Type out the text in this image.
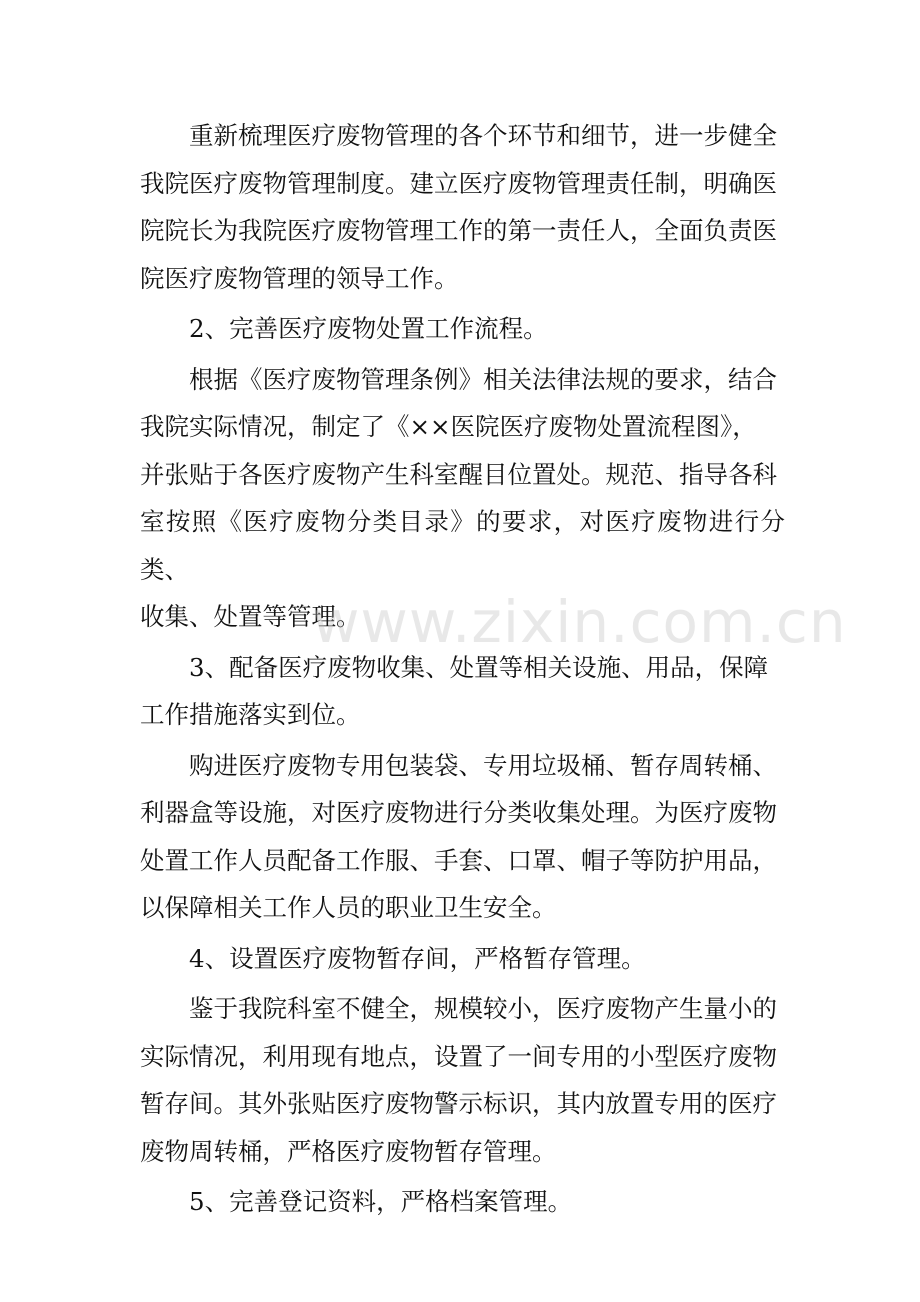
重新梳理医疗废物管理的各个环节和细节，进一步健全
我院医疗废物管理制度。建立医疗废物管理责任制，明确医
院院长为我院医疗废物管理工作的第一责任人，全面负责医
院医疗废物管理的领导工作。

2、完善医疗废物处置工作流程。

根据《医疗废物管理条例》相关法律法规的要求，结合
我院实际情况，制定了《××医院医疗废物处置流程图》，
并张贴于各医疗废物产生科室醒目位置处。规范、指导各科
室按照《医疗废物分类目录》的要求，对医疗废物进行分类、
收集、处置等管理。

3、配备医疗废物收集、处置等相关设施、用品，保障
工作措施落实到位。

购进医疗废物专用包装袋、专用垃圾桶、暂存周转桶、
利器盒等设施，对医疗废物进行分类收集处理。为医疗废物
处置工作人员配备工作服、手套、口罩、帽子等防护用品，
以保障相关工作人员的职业卫生安全。

4、设置医疗废物暂存间，严格暂存管理。

鉴于我院科室不健全，规模较小，医疗废物产生量小的
实际情况，利用现有地点，设置了一间专用的小型医疗废物
暂存间。其外张贴医疗废物警示标识，其内放置专用的医疗
废物周转桶，严格医疗废物暂存管理。

5、完善登记资料，严格档案管理。

www.zixin.com.cn
